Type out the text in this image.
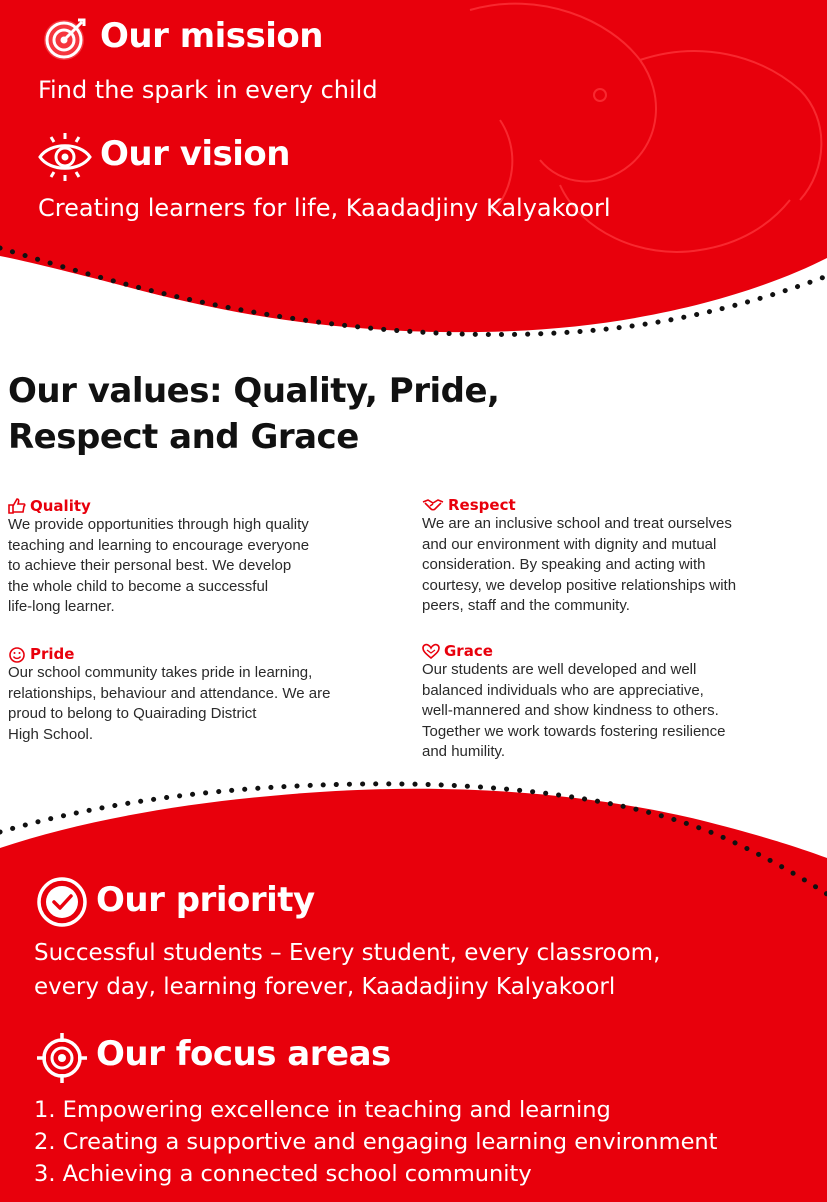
Our mission
Find the spark in every child
Our vision
Creating learners for life, Kaadadjiny Kalyakoorl
Our values: Quality, Pride,
Respect and Grace
Quality
We provide opportunities through high quality
teaching and learning to encourage everyone
to achieve their personal best. We develop
the whole child to become a successful
life-long learner.
Pride
Our school community takes pride in learning,
relationships, behaviour and attendance. We are
proud to belong to Quairading District
High School.
Respect
We are an inclusive school and treat ourselves
and our environment with dignity and mutual
consideration. By speaking and acting with
courtesy, we develop positive relationships with
peers, staff and the community.
Grace
Our students are well developed and well
balanced individuals who are appreciative,
well-mannered and show kindness to others.
Together we work towards fostering resilience
and humility.
Our priority
Successful students – Every student, every classroom,
every day, learning forever, Kaadadjiny Kalyakoorl
Our focus areas
1. Empowering excellence in teaching and learning
2. Creating a supportive and engaging learning environment
3. Achieving a connected school community
